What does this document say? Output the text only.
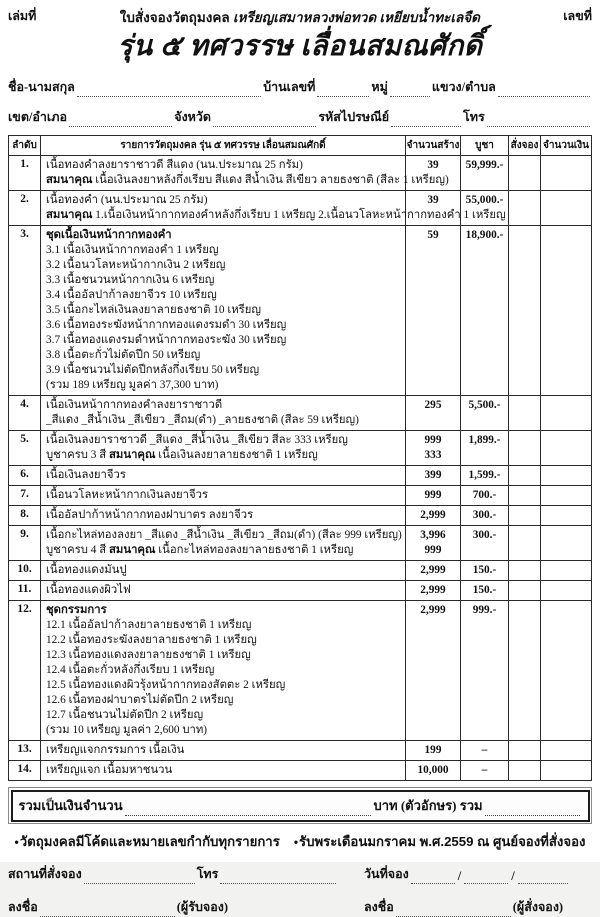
เล่มที่	ใบสั่งจองวัตถุมงคล เหรียญเสมาหลวงพ่อทวด เหยียบน้ำทะเลจืด	เลขที่
รุ่น ๕ ทศวรรษ เลื่อนสมณศักดิ์
ชื่อ-นามสกุล	บ้านเลขที่	หมู่	แขวง/ตำบล
เขต/อำเภอ	จังหวัด	รหัสไปรษณีย์	โทร
ลำดับ	รายการวัตถุมงคล รุ่น ๕ ทศวรรษ เลื่อนสมณศักดิ์	จำนวนสร้าง	บูชา	สั่งจอง	จำนวนเงิน
1.	เนื้อทองคำลงยาราชาวดี สีแดง (นน.ประมาณ 25 กรัม)
สมนาคุณ เนื้อเงินลงยาหลังกึ่งเรียบ สีแดง สีน้ำเงิน สีเขียว ลายธงชาติ (สีละ 1 เหรียญ)	39	59,999.-		

2.	เนื้อทองคำ (นน.ประมาณ 25 กรัม)
สมนาคุณ 1.เนื้อเงินหน้ากากทองคำหลังกึ่งเรียบ 1 เหรียญ 2.เนื้อนวโลหะหน้ากากทองคำ 1 เหรียญ	39	55,000.-		

3.	ชุดเนื้อเงินหน้ากากทองคำ
3.1 เนื้อเงินหน้ากากทองคำ 1 เหรียญ
3.2 เนื้อนวโลหะหน้ากากเงิน 2 เหรียญ
3.3 เนื้อชนวนหน้ากากเงิน 6 เหรียญ
3.4 เนื้ออัลปาก้าลงยาจีวร 10 เหรียญ
3.5 เนื้อกะไหล่เงินลงยาลายธงชาติ 10 เหรียญ
3.6 เนื้อทองระฆังหน้ากากทองแดงรมดำ 30 เหรียญ
3.7 เนื้อทองแดงรมดำหน้ากากทองระฆัง 30 เหรียญ
3.8 เนื้อตะกั่วไม่ตัดปีก 50 เหรียญ
3.9 เนื้อชนวนไม่ตัดปีกหลังกึ่งเรียบ 50 เหรียญ
(รวม 189 เหรียญ มูลค่า 37,300 บาท)

59	18,900.-

4.	เนื้อเงินหน้ากากทองคำลงยาราชาวดี
_สีแดง _สีน้ำเงิน _สีเขียว _สีถม(ดำ) _ลายธงชาติ (สีละ 59 เหรียญ)	295	5,500.-		

5.	เนื้อเงินลงยาราชาวดี _สีแดง _สีน้ำเงิน _สีเขียว สีละ 333 เหรียญ
บูชาครบ 3 สี สมนาคุณ เนื้อเงินลงยาลายธงชาติ 1 เหรียญ

999
333

1,899.-

6.	เนื้อเงินลงยาจีวร	399	1,599.-		

7.	เนื้อนวโลหะหน้ากากเงินลงยาจีวร	999	700.-		

8.	เนื้ออัลปาก้าหน้ากากทองฝาบาตร ลงยาจีวร	2,999	300.-		

9.	เนื้อกะไหล่ทองลงยา _สีแดง _สีน้ำเงิน _สีเขียว _สีถม(ดำ) (สีละ 999 เหรียญ)
บูชาครบ 4 สี สมนาคุณ เนื้อกะไหล่ทองลงยาลายธงชาติ 1 เหรียญ

3,996
999

300.-

10.	เนื้อทองแดงมันปู	2,999	150.-		

11.	เนื้อทองแดงผิวไฟ	2,999	150.-		

12.	ชุดกรรมการ
12.1 เนื้ออัลปาก้าลงยาลายธงชาติ 1 เหรียญ
12.2 เนื้อทองระฆังลงยาลายธงชาติ 1 เหรียญ
12.3 เนื้อทองแดงลงยาลายธงชาติ 1 เหรียญ
12.4 เนื้อตะกั่วหลังกึ่งเรียบ 1 เหรียญ
12.5 เนื้อทองแดงผิวรุ้งหน้ากากทองสัตตะ 2 เหรียญ
12.6 เนื้อทองฝาบาตรไม่ตัดปีก 2 เหรียญ
12.7 เนื้อชนวนไม่ตัดปีก 2 เหรียญ
(รวม 10 เหรียญ มูลค่า 2,600 บาท)

2,999	999.-

13.	เหรียญแจกกรรมการ เนื้อเงิน	199	–		

14.	เหรียญแจก เนื้อมหาชนวน	10,000	–		

รวมเป็นเงินจำนวน	บาท (ตัวอักษร) รวม
• วัตถุมงคลมีโค้ดและหมายเลขกำกับทุกรายการ • รับพระเดือนมกราคม พ.ศ.2559 ณ ศูนย์จองที่สั่งจอง
สถานที่สั่งจอง	โทร
ลงชื่อ	(ผู้รับจอง)
วันที่จอง	/	/
ลงชื่อ	(ผู้สั่งจอง)
